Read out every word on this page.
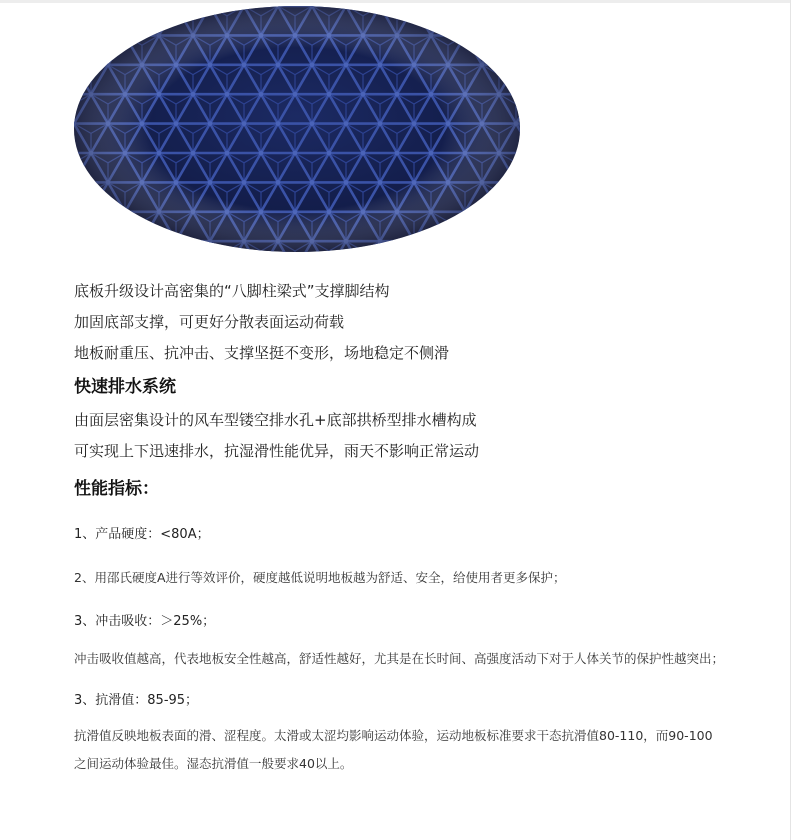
底板升级设计高密集的“八脚柱梁式”支撑脚结构
加固底部支撑，可更好分散表面运动荷载
地板耐重压、抗冲击、支撑坚挺不变形，场地稳定不侧滑
快速排水系统
由面层密集设计的风车型镂空排水孔+底部拱桥型排水槽构成
可实现上下迅速排水，抗湿滑性能优异，雨天不影响正常运动
性能指标：
1、产品硬度：<80A；
2、用邵氏硬度A进行等效评价，硬度越低说明地板越为舒适、安全，给使用者更多保护；
3、冲击吸收：＞25%；
冲击吸收值越高，代表地板安全性越高，舒适性越好，尤其是在长时间、高强度活动下对于人体关节的保护性越突出；
3、抗滑值：85-95；
抗滑值反映地板表面的滑、涩程度。太滑或太涩均影响运动体验，运动地板标准要求干态抗滑值80-110，而90-100之间运动体验最佳。湿态抗滑值一般要求40以上。
